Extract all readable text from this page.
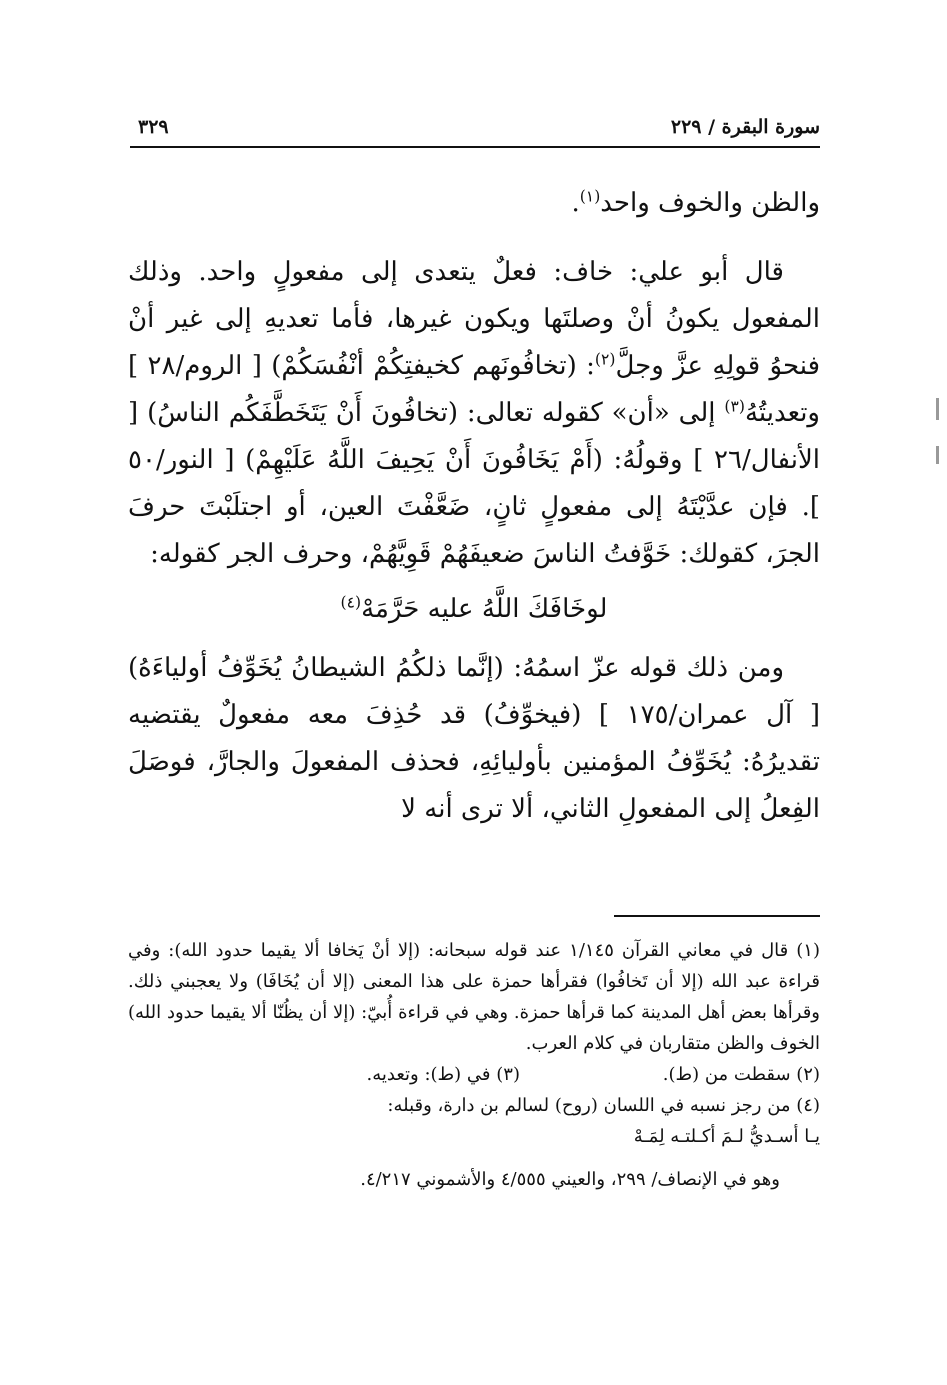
سورة البقرة / ٢٢٩
٣٢٩

والظن والخوف واحد$^{(١)}$.

قال أبو علي: خاف: فعلٌ يتعدى إلى مفعولٍ واحد. وذلك المفعول يكونُ أنْ وصلتَها ويكون غيرها، فأما تعديهِ إلى غير أنْ فنحوُ قولِهِ عزَّ وجلَّ$^{(٢)}$: (تخافُونَهم كخيفتِكُمْ أنْفُسَكُمْ) [ الروم/٢٨ ] وتعديتُهُ$^{(٣)}$ إلى «أن» كقوله تعالى: (تخافُونَ أَنْ يَتَخَطَّفَكُم الناسُ) [ الأنفال/٢٦ ] وقولُهُ: (أَمْ يَخَافُونَ أَنْ يَحِيفَ اللَّهُ عَلَيْهِمْ) [ النور/٥٠ ]. فإن عدَّيْتَهُ إلى مفعولٍ ثانٍ، ضَعَّفْتَ العين، أو اجتلَبْتَ حرفَ الجرَ، كقولك: خَوَّفتُ الناسَ ضعيفَهُمْ قَوِيَّهُمْ، وحرف الجر كقوله:

لوخَافَكَ اللَّهُ عليه حَرَّمَهْ$^{(٤)}$

ومن ذلك قوله عزّ اسمُهُ: (إنَّما ذلكُمُ الشيطانُ يُخَوِّفُ أولياءَهُ) [ آل عمران/١٧٥ ] (فيخوِّفُ) قد حُذِفَ معه مفعولٌ يقتضيه تقديرُهُ: يُخَوِّفُ المؤمنين بأوليائِهِ، فحذف المفعولَ والجارَّ، فوصَلَ الفِعلُ إلى المفعولِ الثاني، ألا ترى أنه لا

(١) قال في معاني القرآن ١/١٤٥ عند قوله سبحانه: (إلا أنْ يَخافا ألا يقيما حدود الله): وفي قراءة عبد الله (إلا أن تَخافُوا) فقرأها حمزة على هذا المعنى (إلا أن يُخَافَا) ولا يعجبني ذلك. وقرأها بعض أهل المدينة كما قرأها حمزة. وهي في قراءة أُبيّ: (إلا أن يظُنّا ألا يقيما حدود الله) الخوف والظن متقاربان في كلام العرب.

(٢) سقطت من (ط).
(٣) في (ط): وتعديه.

(٤) من رجز نسبه في اللسان (روح) لسالم بن دارة، وقبله:

يـا أسـديُّ لـمَ أكـلتـه لِمَـهْ

وهو في الإنصاف/ ٢٩٩، والعيني ٤/٥٥٥ والأشموني ٤/٢١٧.
